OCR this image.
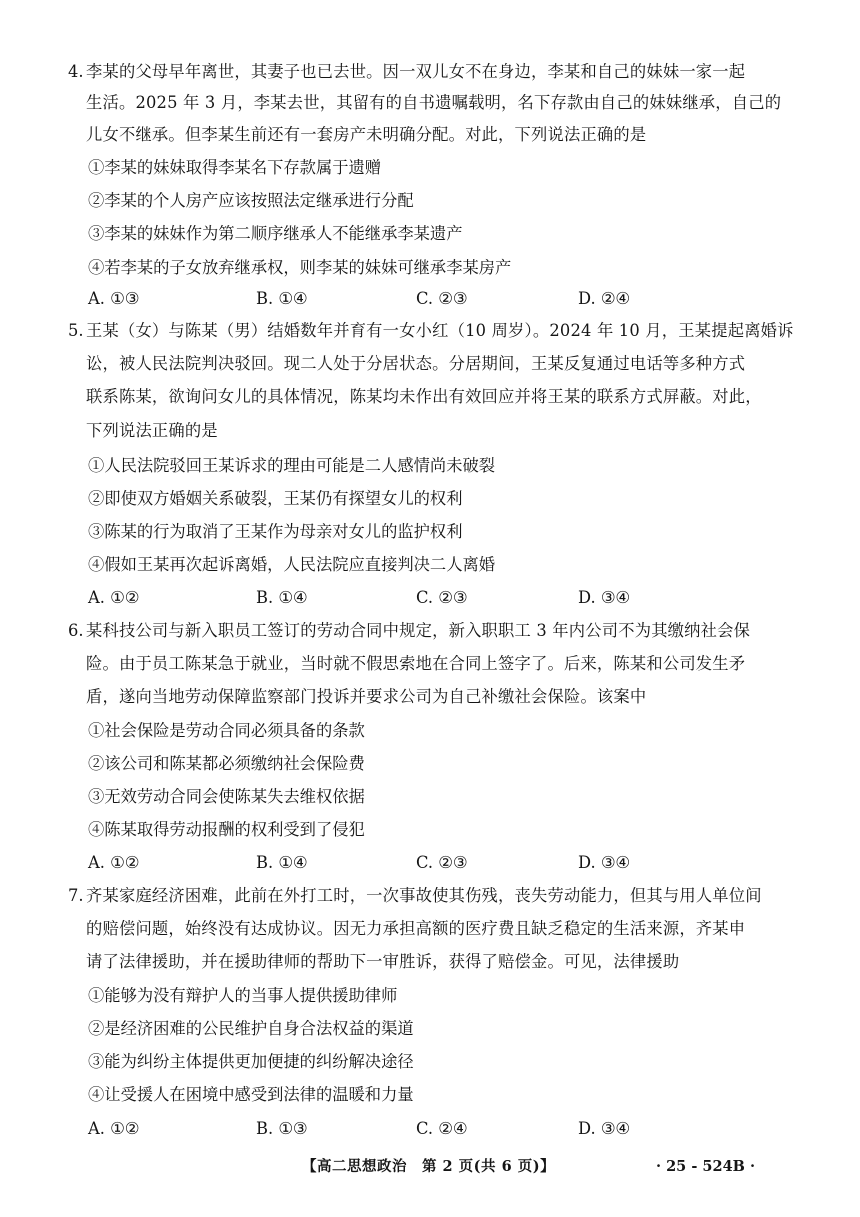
4. 李某的父母早年离世，其妻子也已去世。因一双儿女不在身边，李某和自己的妹妹一家一起
生活。2025 年 3 月，李某去世，其留有的自书遗嘱载明，名下存款由自己的妹妹继承，自己的
儿女不继承。但李某生前还有一套房产未明确分配。对此，下列说法正确的是
①李某的妹妹取得李某名下存款属于遗赠
②李某的个人房产应该按照法定继承进行分配
③李某的妹妹作为第二顺序继承人不能继承李某遗产
④若李某的子女放弃继承权，则李某的妹妹可继承李某房产
A. ①③	B. ①④	C. ②③	D. ②④
5. 王某（女）与陈某（男）结婚数年并育有一女小红（10 周岁）。2024 年 10 月，王某提起离婚诉
讼，被人民法院判决驳回。现二人处于分居状态。分居期间，王某反复通过电话等多种方式
联系陈某，欲询问女儿的具体情况，陈某均未作出有效回应并将王某的联系方式屏蔽。对此，
下列说法正确的是
①人民法院驳回王某诉求的理由可能是二人感情尚未破裂
②即使双方婚姻关系破裂，王某仍有探望女儿的权利
③陈某的行为取消了王某作为母亲对女儿的监护权利
④假如王某再次起诉离婚，人民法院应直接判决二人离婚
A. ①②	B. ①④	C. ②③	D. ③④
6. 某科技公司与新入职员工签订的劳动合同中规定，新入职职工 3 年内公司不为其缴纳社会保
险。由于员工陈某急于就业，当时就不假思索地在合同上签字了。后来，陈某和公司发生矛
盾，遂向当地劳动保障监察部门投诉并要求公司为自己补缴社会保险。该案中
①社会保险是劳动合同必须具备的条款
②该公司和陈某都必须缴纳社会保险费
③无效劳动合同会使陈某失去维权依据
④陈某取得劳动报酬的权利受到了侵犯
A. ①②	B. ①④	C. ②③	D. ③④
7. 齐某家庭经济困难，此前在外打工时，一次事故使其伤残，丧失劳动能力，但其与用人单位间
的赔偿问题，始终没有达成协议。因无力承担高额的医疗费且缺乏稳定的生活来源，齐某申
请了法律援助，并在援助律师的帮助下一审胜诉，获得了赔偿金。可见，法律援助
①能够为没有辩护人的当事人提供援助律师
②是经济困难的公民维护自身合法权益的渠道
③能为纠纷主体提供更加便捷的纠纷解决途径
④让受援人在困境中感受到法律的温暖和力量
A. ①②	B. ①③	C. ②④	D. ③④
【高二思想政治　第 2 页(共 6 页)】	· 25 - 524B ·
